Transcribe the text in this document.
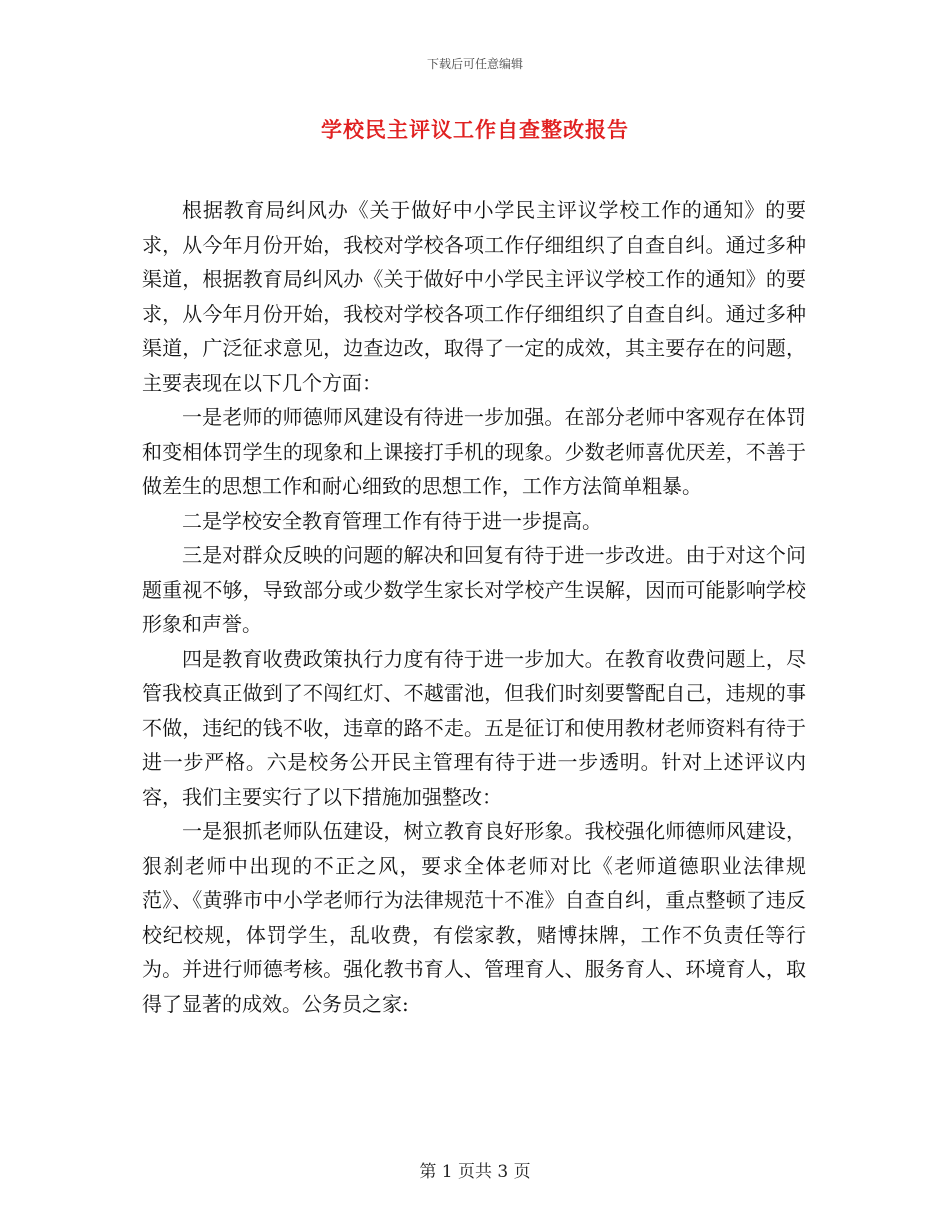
下载后可任意编辑
学校民主评议工作自查整改报告

根据教育局纠风办《关于做好中小学民主评议学校工作的通知》的要求，从今年月份开始，我校对学校各项工作仔细组织了自查自纠。通过多种渠道，根据教育局纠风办《关于做好中小学民主评议学校工作的通知》的要求，从今年月份开始，我校对学校各项工作仔细组织了自查自纠。通过多种渠道，广泛征求意见，边查边改，取得了一定的成效，其主要存在的问题，主要表现在以下几个方面：

一是老师的师德师风建设有待进一步加强。在部分老师中客观存在体罚和变相体罚学生的现象和上课接打手机的现象。少数老师喜优厌差，不善于做差生的思想工作和耐心细致的思想工作，工作方法简单粗暴。

二是学校安全教育管理工作有待于进一步提高。

三是对群众反映的问题的解决和回复有待于进一步改进。由于对这个问题重视不够，导致部分或少数学生家长对学校产生误解，因而可能影响学校形象和声誉。

四是教育收费政策执行力度有待于进一步加大。在教育收费问题上，尽管我校真正做到了不闯红灯、不越雷池，但我们时刻要警配自己，违规的事不做，违纪的钱不收，违章的路不走。五是征订和使用教材老师资料有待于进一步严格。六是校务公开民主管理有待于进一步透明。针对上述评议内容，我们主要实行了以下措施加强整改：

一是狠抓老师队伍建设，树立教育良好形象。我校强化师德师风建设，狠刹老师中出现的不正之风，要求全体老师对比《老师道德职业法律规范》、《黄骅市中小学老师行为法律规范十不准》自查自纠，重点整顿了违反校纪校规，体罚学生，乱收费，有偿家教，赌博抹牌，工作不负责任等行为。并进行师德考核。强化教书育人、管理育人、服务育人、环境育人，取得了显著的成效。公务员之家:

第 1 页共 3 页
